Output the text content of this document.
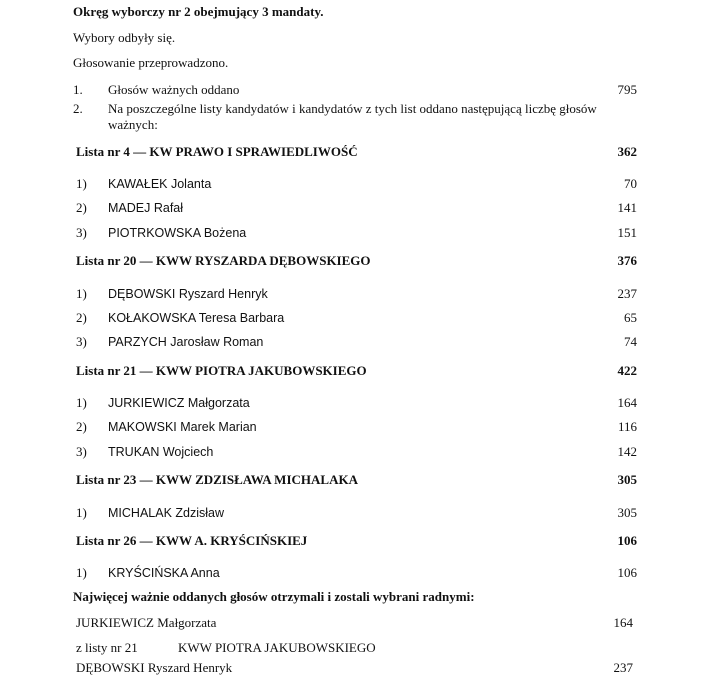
Okręg wyborczy nr 2 obejmujący 3 mandaty.
Wybory odbyły się.
Głosowanie przeprowadzono.
1. Głosów ważnych oddano	795
2. Na poszczególne listy kandydatów i kandydatów z tych list oddano następującą liczbę głosów
ważnych:
Lista nr 4 — KW PRAWO I SPRAWIEDLIWOŚĆ	362
1) KAWAŁEK Jolanta	70
2) MADEJ Rafał	141
3) PIOTRKOWSKA Bożena	151
Lista nr 20 — KWW RYSZARDA DĘBOWSKIEGO	376
1) DĘBOWSKI Ryszard Henryk	237
2) KOŁAKOWSKA Teresa Barbara	65
3) PARZYCH Jarosław Roman	74
Lista nr 21 — KWW PIOTRA JAKUBOWSKIEGO	422
1) JURKIEWICZ Małgorzata	164
2) MAKOWSKI Marek Marian	116
3) TRUKAN Wojciech	142
Lista nr 23 — KWW ZDZISŁAWA MICHALAKA	305
1) MICHALAK Zdzisław	305
Lista nr 26 — KWW A. KRYŚCIŃSKIEJ	106
1) KRYŚCIŃSKA Anna	106
Najwięcej ważnie oddanych głosów otrzymali i zostali wybrani radnymi:
JURKIEWICZ Małgorzata	164
z listy nr 21	KWW PIOTRA JAKUBOWSKIEGO
DĘBOWSKI Ryszard Henryk	237
